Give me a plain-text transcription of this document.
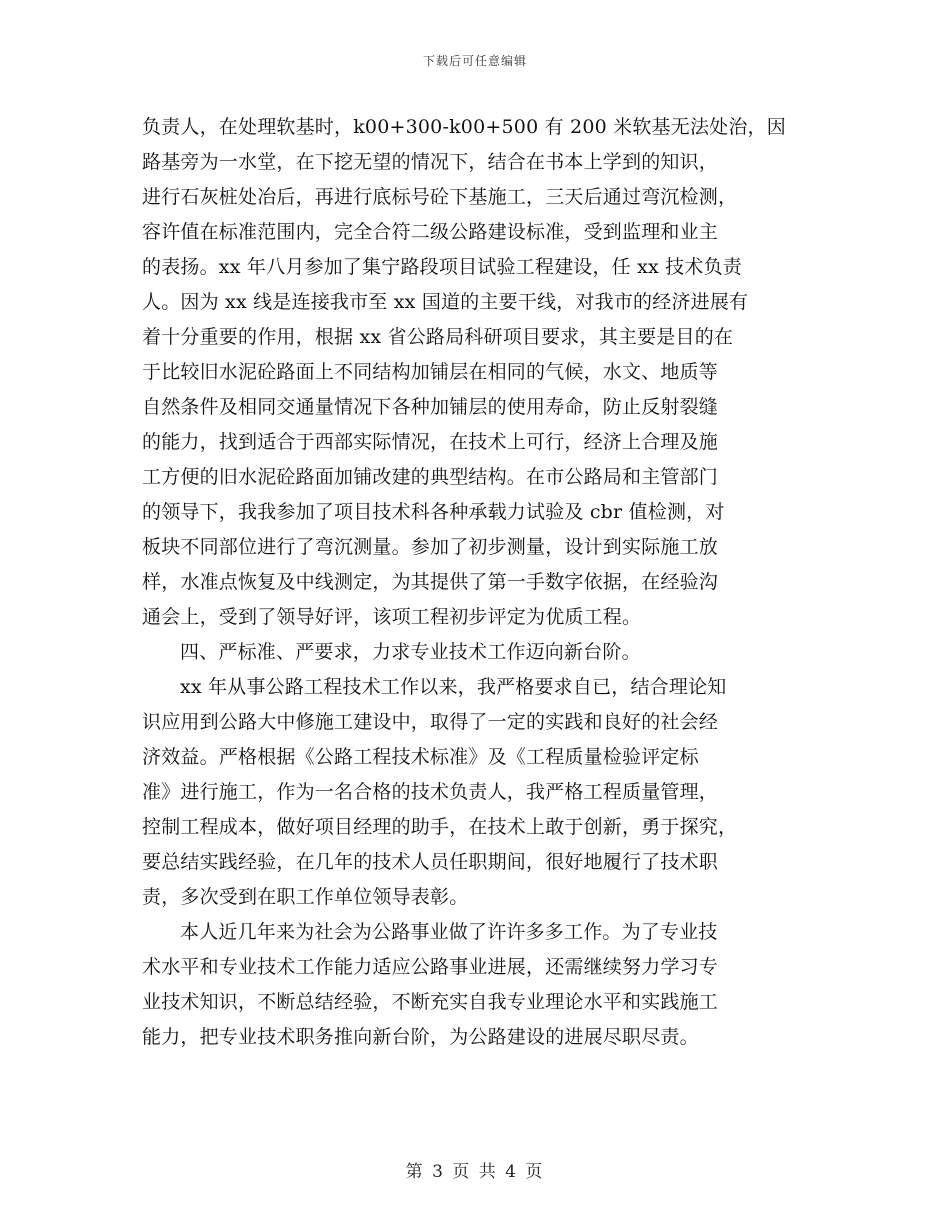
下载后可任意编辑
负责人，在处理软基时，k00+300-k00+500 有 200 米软基无法处治，因
路基旁为一水堂，在下挖无望的情况下，结合在书本上学到的知识，
进行石灰桩处冶后，再进行底标号砼下基施工，三天后通过弯沉检测，
容许值在标准范围内，完全合符二级公路建设标准，受到监理和业主
的表扬。xx 年八月参加了集宁路段项目试验工程建设，任 xx 技术负责
人。因为 xx 线是连接我市至 xx 国道的主要干线，对我市的经济进展有
着十分重要的作用，根据 xx 省公路局科研项目要求，其主要是目的在
于比较旧水泥砼路面上不同结构加铺层在相同的气候，水文、地质等
自然条件及相同交通量情况下各种加铺层的使用寿命，防止反射裂缝
的能力，找到适合于西部实际情况，在技术上可行，经济上合理及施
工方便的旧水泥砼路面加铺改建的典型结构。在市公路局和主管部门
的领导下，我我参加了项目技术科各种承载力试验及 cbr 值检测，对
板块不同部位进行了弯沉测量。参加了初步测量，设计到实际施工放
样，水准点恢复及中线测定，为其提供了第一手数字依据，在经验沟
通会上，受到了领导好评，该项工程初步评定为优质工程。
四、严标准、严要求，力求专业技术工作迈向新台阶。
xx 年从事公路工程技术工作以来，我严格要求自已，结合理论知
识应用到公路大中修施工建设中，取得了一定的实践和良好的社会经
济效益。严格根据《公路工程技术标准》及《工程质量检验评定标
准》进行施工，作为一名合格的技术负责人，我严格工程质量管理，
控制工程成本，做好项目经理的助手，在技术上敢于创新，勇于探究，
要总结实践经验，在几年的技术人员任职期间，很好地履行了技术职
责，多次受到在职工作单位领导表彰。
本人近几年来为社会为公路事业做了许许多多工作。为了专业技
术水平和专业技术工作能力适应公路事业进展，还需继续努力学习专
业技术知识，不断总结经验，不断充实自我专业理论水平和实践施工
能力，把专业技术职务推向新台阶，为公路建设的进展尽职尽责。
第 3 页 共 4 页
